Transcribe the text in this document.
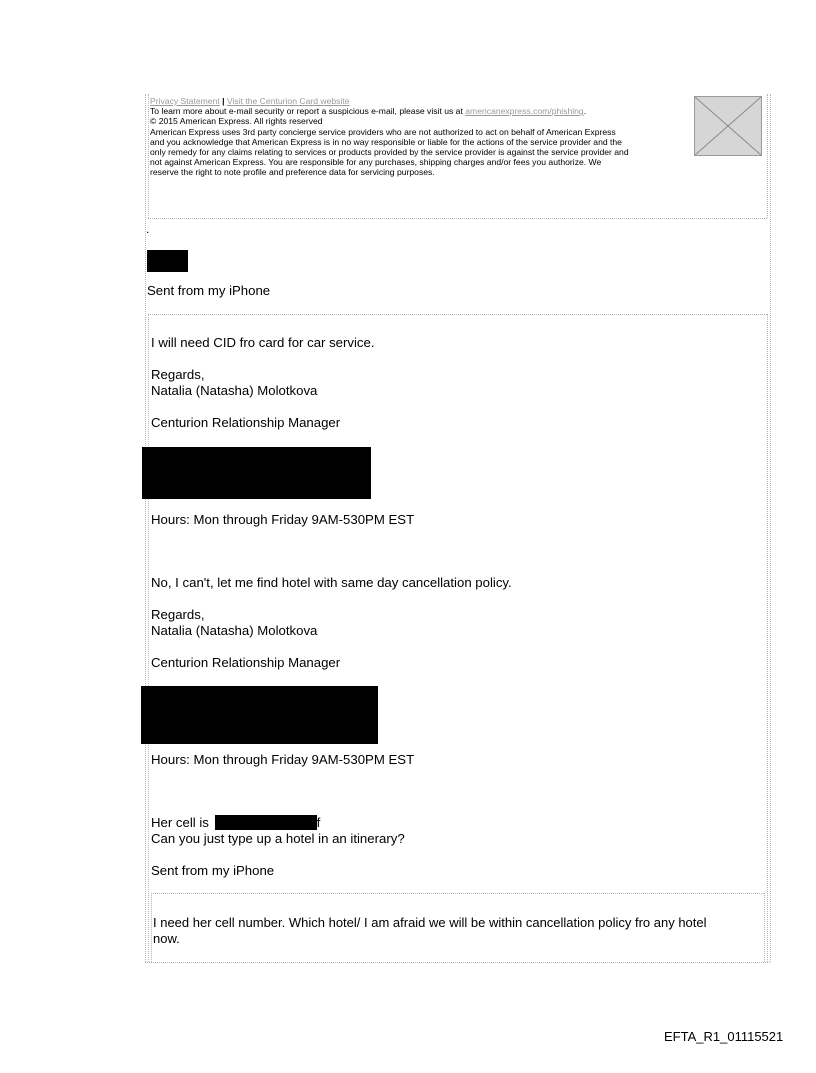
Privacy Statement | Visit the Centurion Card website
To learn more about e-mail security or report a suspicious e-mail, please visit us at americanexpress.com/phishing.
© 2015 American Express. All rights reserved
American Express uses 3rd party concierge service providers who are not authorized to act on behalf of American Express
and you acknowledge that American Express is in no way responsible or liable for the actions of the service provider and the
only remedy for any claims relating to services or products provided by the service provider is against the service provider and
not against American Express. You are responsible for any purchases, shipping charges and/or fees you authorize. We
reserve the right to note profile and preference data for servicing purposes.
.
Sent from my iPhone
I will need CID fro card for car service.
Regards,
Natalia (Natasha) Molotkova
Centurion Relationship Manager
Hours: Mon through Friday 9AM-530PM EST
No, I can't, let me find hotel with same day cancellation policy.
Regards,
Natalia (Natasha) Molotkova
Centurion Relationship Manager
Hours: Mon through Friday 9AM-530PM EST
Her cell is	f
Can you just type up a hotel in an itinerary?
Sent from my iPhone
I need her cell number. Which hotel/ I am afraid we will be within cancellation policy fro any hotel
now.
EFTA_R1_01115521
